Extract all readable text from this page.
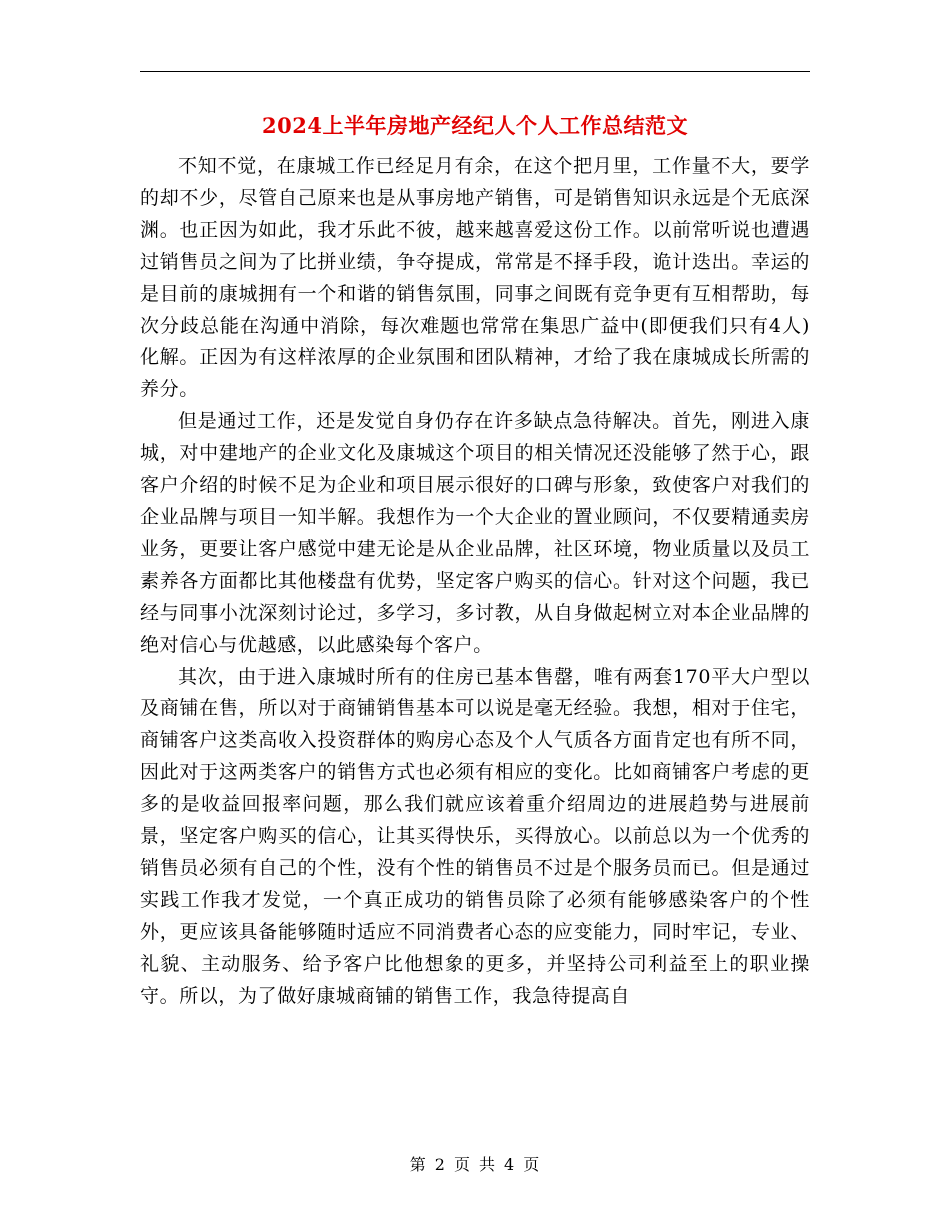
2024上半年房地产经纪人个人工作总结范文

不知不觉，在康城工作已经足月有余，在这个把月里，工作量不大，要学的却不少，尽管自己原来也是从事房地产销售，可是销售知识永远是个无底深渊。也正因为如此，我才乐此不彼，越来越喜爱这份工作。以前常听说也遭遇过销售员之间为了比拼业绩，争夺提成，常常是不择手段，诡计迭出。幸运的是目前的康城拥有一个和谐的销售氛围，同事之间既有竞争更有互相帮助，每次分歧总能在沟通中消除，每次难题也常常在集思广益中(即便我们只有4人)化解。正因为有这样浓厚的企业氛围和团队精神，才给了我在康城成长所需的养分。

但是通过工作，还是发觉自身仍存在许多缺点急待解决。首先，刚进入康城，对中建地产的企业文化及康城这个项目的相关情况还没能够了然于心，跟客户介绍的时候不足为企业和项目展示很好的口碑与形象，致使客户对我们的企业品牌与项目一知半解。我想作为一个大企业的置业顾问，不仅要精通卖房业务，更要让客户感觉中建无论是从企业品牌，社区环境，物业质量以及员工素养各方面都比其他楼盘有优势，坚定客户购买的信心。针对这个问题，我已经与同事小沈深刻讨论过，多学习，多讨教，从自身做起树立对本企业品牌的绝对信心与优越感，以此感染每个客户。

其次，由于进入康城时所有的住房已基本售罄，唯有两套170平大户型以及商铺在售，所以对于商铺销售基本可以说是毫无经验。我想，相对于住宅，商铺客户这类高收入投资群体的购房心态及个人气质各方面肯定也有所不同，因此对于这两类客户的销售方式也必须有相应的变化。比如商铺客户考虑的更多的是收益回报率问题，那么我们就应该着重介绍周边的进展趋势与进展前景，坚定客户购买的信心，让其买得快乐，买得放心。以前总以为一个优秀的销售员必须有自己的个性，没有个性的销售员不过是个服务员而已。但是通过实践工作我才发觉，一个真正成功的销售员除了必须有能够感染客户的个性外，更应该具备能够随时适应不同消费者心态的应变能力，同时牢记，专业、礼貌、主动服务、给予客户比他想象的更多，并坚持公司利益至上的职业操守。所以，为了做好康城商铺的销售工作，我急待提高自

第 2 页 共 4 页
